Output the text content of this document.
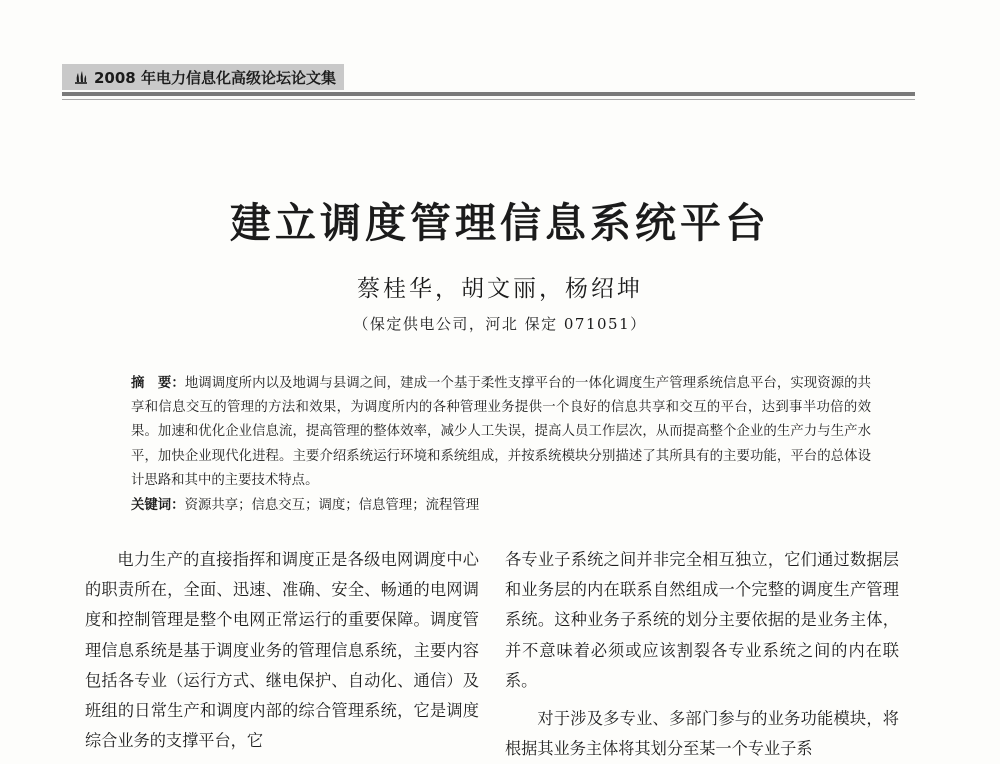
2008 年电力信息化高级论坛论文集
建立调度管理信息系统平台
蔡桂华，胡文丽，杨绍坤
（保定供电公司，河北 保定 071051）
摘　要：地调调度所内以及地调与县调之间，建成一个基于柔性支撑平台的一体化调度生产管理系统信息平台，实现资源的共享和信息交互的管理的方法和效果，为调度所内的各种管理业务提供一个良好的信息共享和交互的平台，达到事半功倍的效果。加速和优化企业信息流，提高管理的整体效率，减少人工失误，提高人员工作层次，从而提高整个企业的生产力与生产水平，加快企业现代化进程。主要介绍系统运行环境和系统组成，并按系统模块分别描述了其所具有的主要功能，平台的总体设计思路和其中的主要技术特点。
关键词：资源共享；信息交互；调度；信息管理；流程管理

电力生产的直接指挥和调度正是各级电网调度中心的职责所在，全面、迅速、准确、安全、畅通的电网调度和控制管理是整个电网正常运行的重要保障。调度管理信息系统是基于调度业务的管理信息系统，主要内容包括各专业（运行方式、继电保护、自动化、通信）及班组的日常生产和调度内部的综合管理系统，它是调度综合业务的支撑平台，它

各专业子系统之间并非完全相互独立，它们通过数据层和业务层的内在联系自然组成一个完整的调度生产管理系统。这种业务子系统的划分主要依据的是业务主体，并不意味着必须或应该割裂各专业系统之间的内在联系。

对于涉及多专业、多部门参与的业务功能模块，将根据其业务主体将其划分至某一个专业子系
